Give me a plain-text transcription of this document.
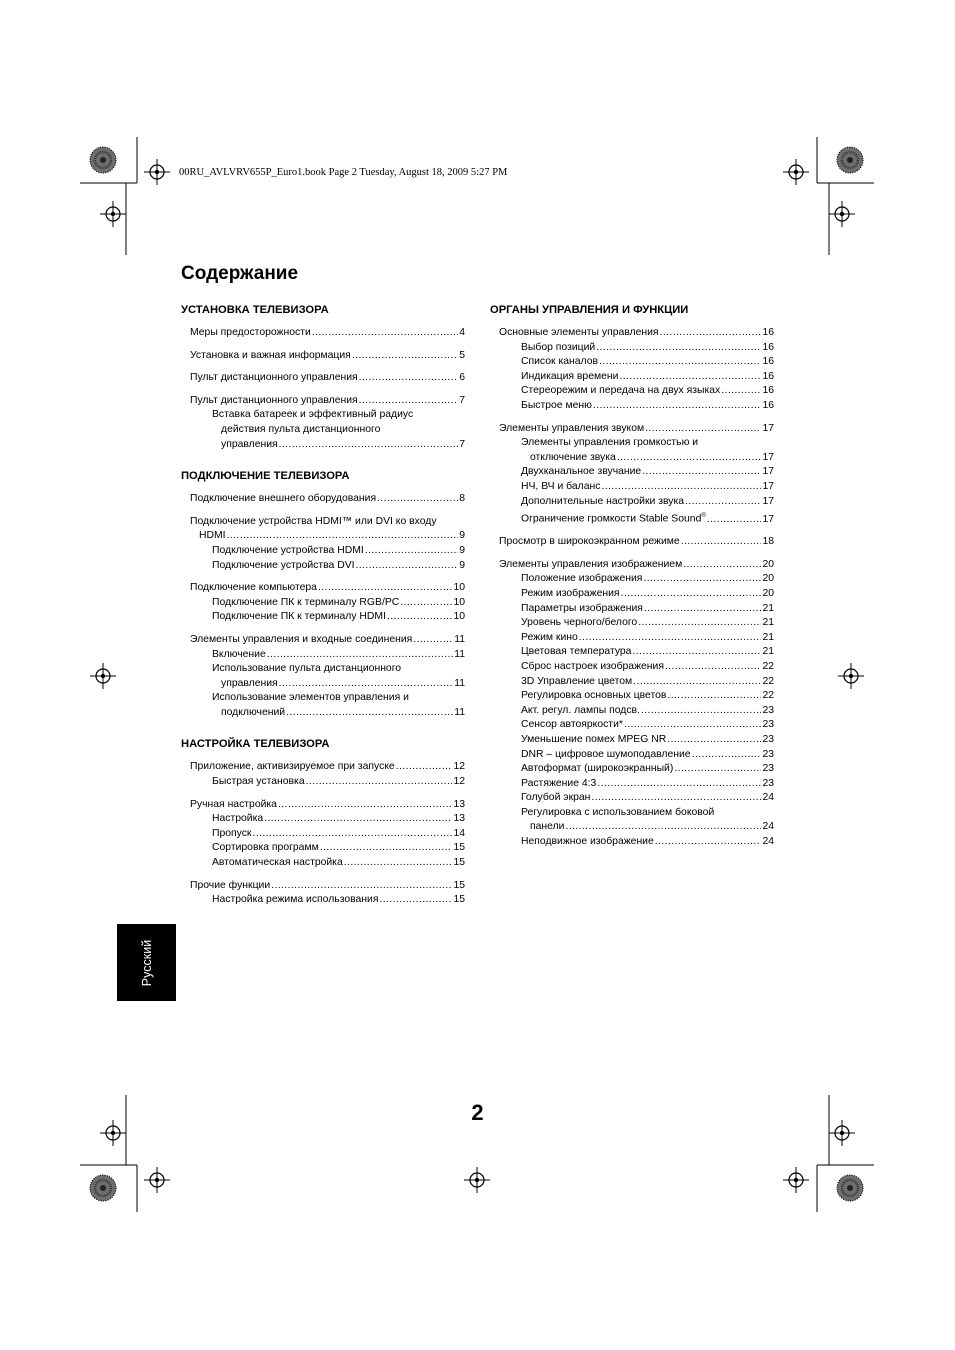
00RU_AVLVRV655P_Euro1.book Page 2 Tuesday, August 18, 2009 5:27 PM
Содержание
УСТАНОВКА ТЕЛЕВИЗОРА
Меры предосторожности .....	4
Установка и важная информация .....	5
Пульт дистанционного управления .....	6
Пульт дистанционного управления .....	7
Вставка батареек и эффективный радиус
действия пульта дистанционного
управления .....	7
ПОДКЛЮЧЕНИЕ ТЕЛЕВИЗОРА
Подключение внешнего оборудования .....	8
Подключение устройства HDMI™ или DVI ко входу
HDMI .....	9
Подключение устройства HDMI .....	9
Подключение устройства DVI .....	9
Подключение компьютера .....	10
Подключение ПК к терминалу RGB/PC .....	10
Подключение ПК к терминалу HDMI .....	10
Элементы управления и входные соединения .....	11
Включение .....	11
Использование пульта дистанционного
управления .....	11
Использование элементов управления и
подключений .....	11
НАСТРОЙКА ТЕЛЕВИЗОРА
Приложение, активизируемое при запуске .....	12
Быстрая установка .....	12
Ручная настройка .....	13
Настройка .....	13
Пропуск .....	14
Сортировка программ .....	15
Автоматическая настройка .....	15
Прочие функции .....	15
Настройка режима использования .....	15
ОРГАНЫ УПРАВЛЕНИЯ И ФУНКЦИИ
Основные элементы управления .....	16
Выбор позиций .....	16
Список каналов .....	16
Индикация времени .....	16
Стереорежим и передача на двух языках .....	16
Быстрое меню .....	16
Элементы управления звуком .....	17
Элементы управления громкостью и
отключение звука .....	17
Двухканальное звучание .....	17
НЧ, ВЧ и баланс .....	17
Дополнительные настройки звука .....	17
Ограничение громкости Stable Sound® .....	17
Просмотр в широкоэкранном режиме .....	18
Элементы управления изображением .....	20
Положение изображения .....	20
Режим изображения .....	20
Параметры изображения .....	21
Уровень черного/белого .....	21
Режим кино .....	21
Цветовая температура .....	21
Сброс настроек изображения .....	22
3D Управление цветом .....	22
Регулировка основных цветов .....	22
Акт. регул. лампы подсв. .....	23
Сенсор автояркости* .....	23
Уменьшение помех MPEG NR .....	23
DNR – цифровое шумоподавление .....	23
Автоформат (широкоэкранный) .....	23
Растяжение 4:3 .....	23
Голубой экран .....	24
Регулировка с использованием боковой
панели .....	24
Неподвижное изображение .....	24
Русский
2
